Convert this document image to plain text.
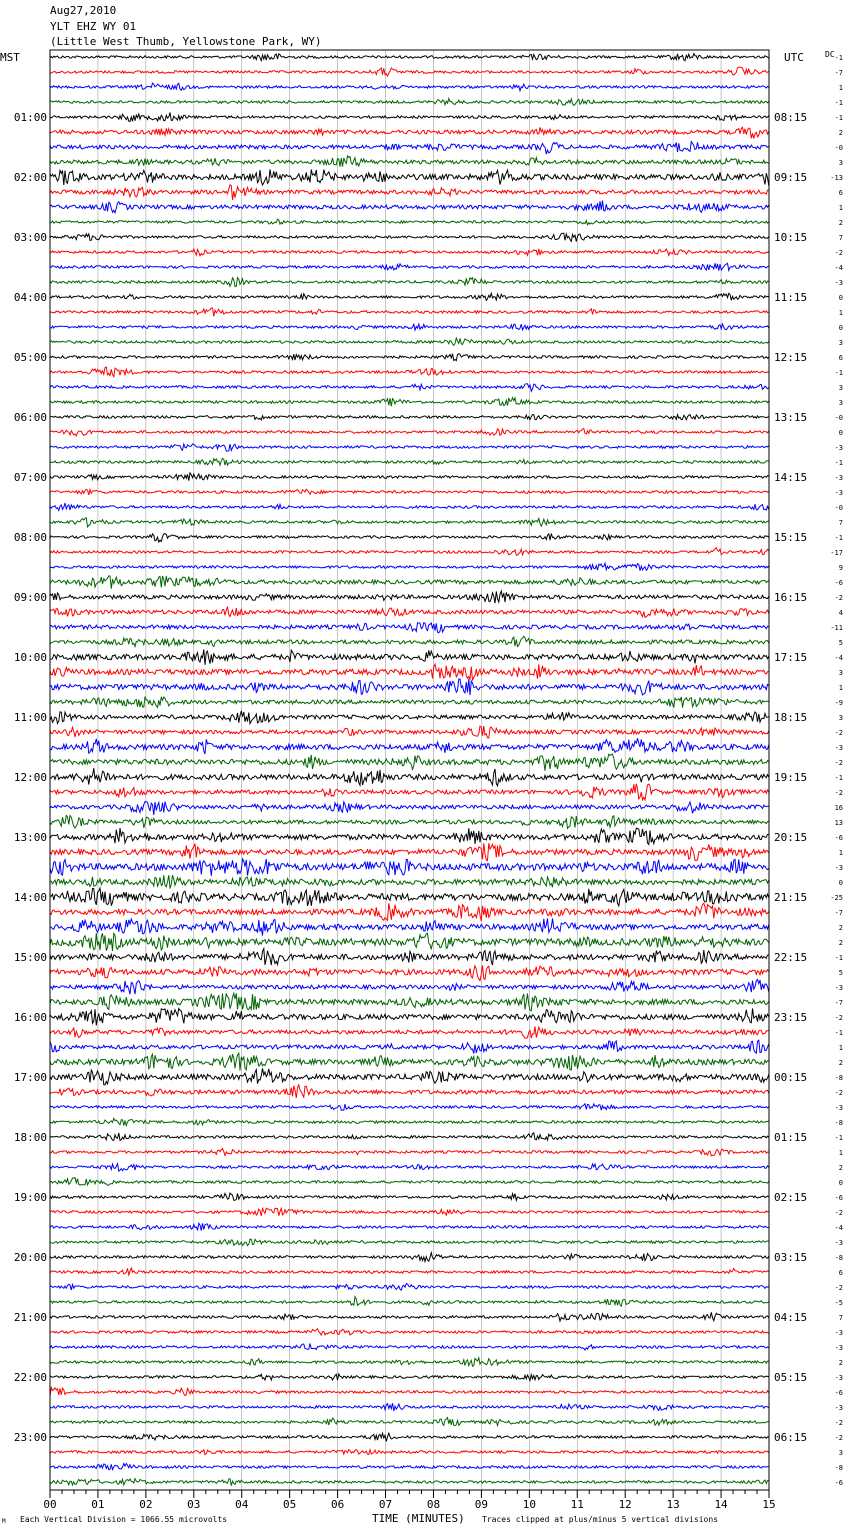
Aug27,2010
YLT EHZ WY 01
(Little West Thumb, Yellowstone Park, WY)
MST	UTC	DC
00	01	02	03	04	05	06	07	08	09	10	11	12	13	14	15
-1
-7
1
-1
-1
2
-0
3
-13
6
1
2
7
-2
-4
-3
0
1
0
3
6
-1
3
3
-0
0
-3
-1
-3
-3
-0
7
-1
-17
9
-6
-2
4
-11
5
-4
3
1
-9
3
-2
-3
-2
-1
-2
16
13
-6
1
-3
0
-25
-7
2
2
-1
5
-3
-7
-2
-1
1
2
-8
-2
-3
-8
-1
1
2
0
-6
-2
-4
-3
-8
6
-2
-5
7
-3
-3
2
-3
-6
-3
-2
-2
3
-8
-6
01:00
02:00
03:00
04:00
05:00
06:00
07:00
08:00
09:00
10:00
11:00
12:00
13:00
14:00
15:00
16:00
17:00
18:00
19:00
20:00
21:00
22:00
23:00
08:15
09:15
10:15
11:15
12:15
13:15
14:15
15:15
16:15
17:15
18:15
19:15
20:15
21:15
22:15
23:15
00:15
01:15
02:15
03:15
04:15
05:15
06:15
TIME (MINUTES)
M Each Vertical Division = 1066.55 microvolts	Traces clipped at plus/minus 5 vertical divisions
